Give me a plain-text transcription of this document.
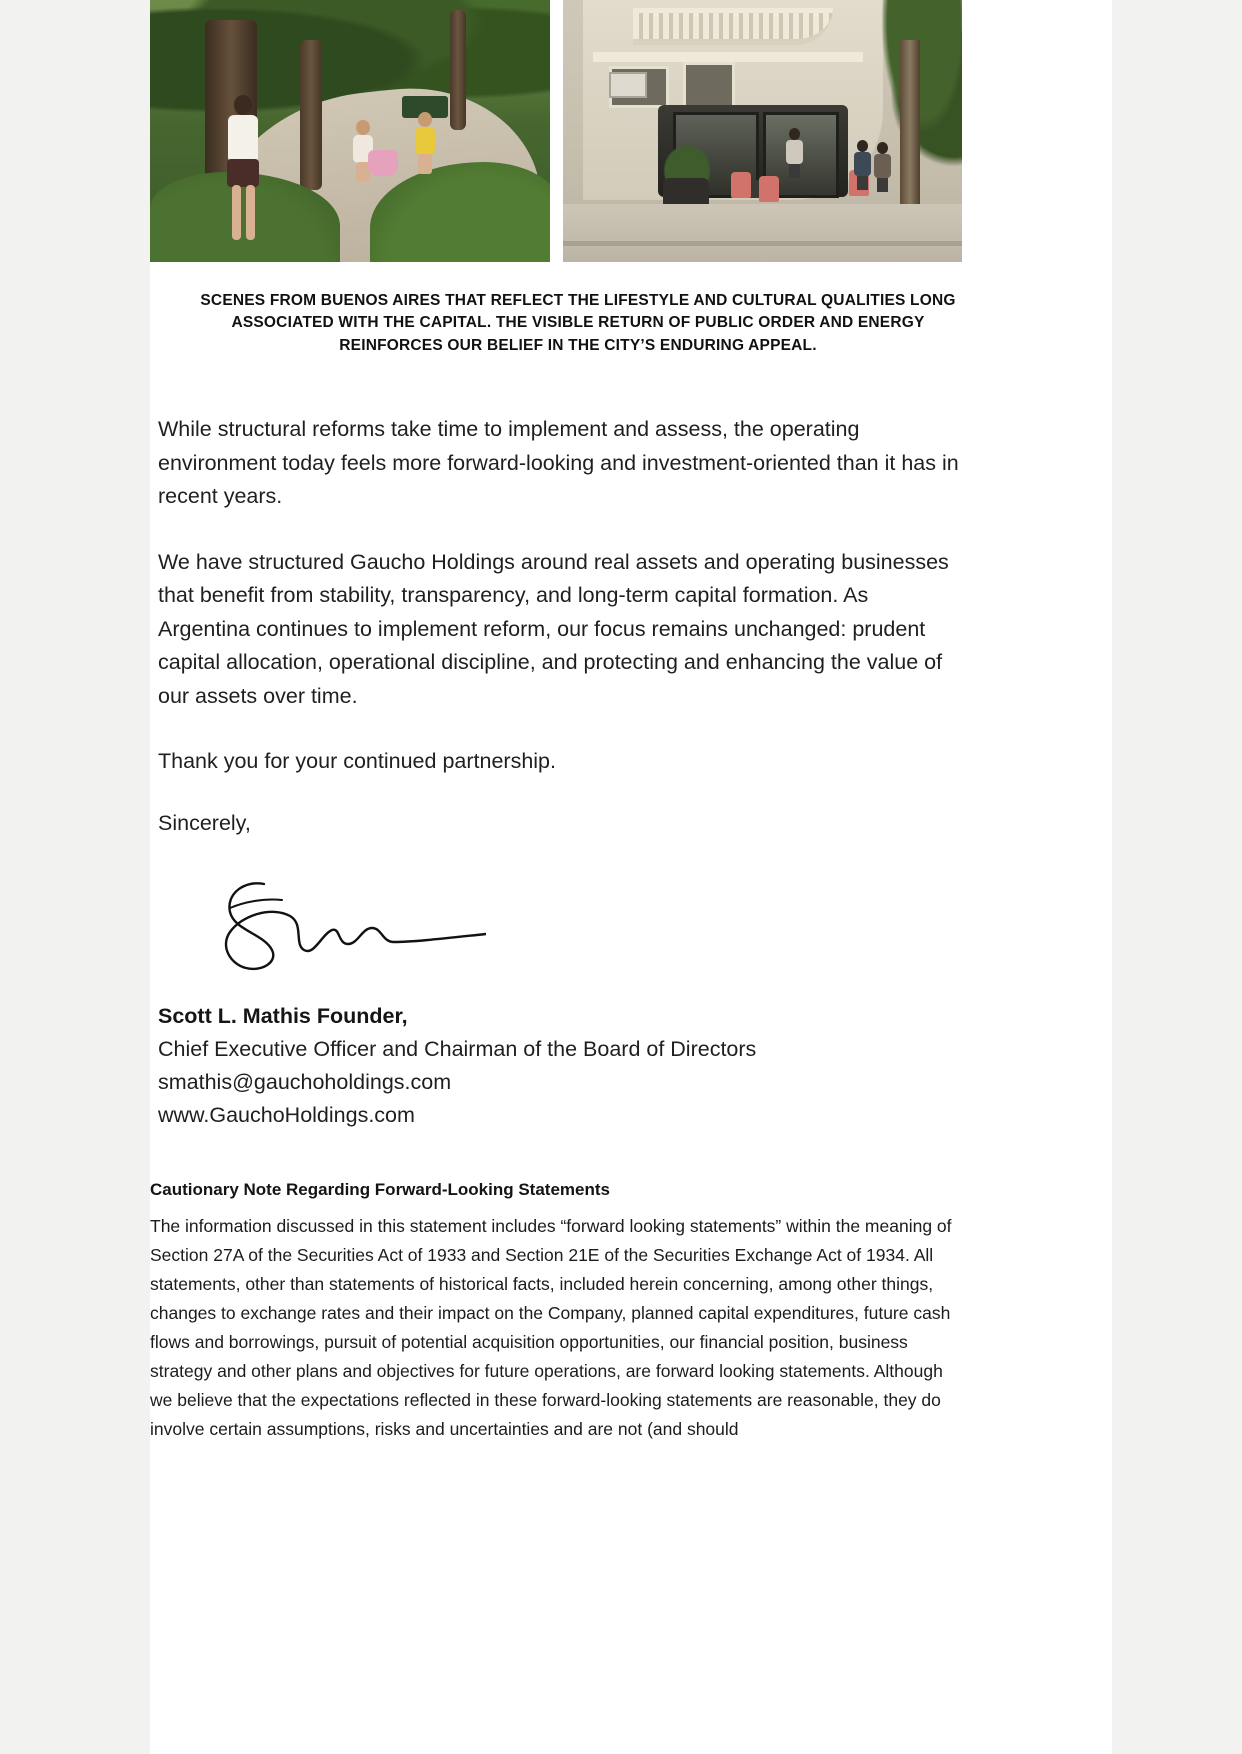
SCENES FROM BUENOS AIRES THAT REFLECT THE LIFESTYLE AND CULTURAL QUALITIES LONG ASSOCIATED WITH THE CAPITAL. THE VISIBLE RETURN OF PUBLIC ORDER AND ENERGY REINFORCES OUR BELIEF IN THE CITY’S ENDURING APPEAL.

While structural reforms take time to implement and assess, the operating environment today feels more forward-looking and investment-oriented than it has in recent years.

We have structured Gaucho Holdings around real assets and operating businesses that benefit from stability, transparency, and long-term capital formation. As Argentina continues to implement reform, our focus remains unchanged: prudent capital allocation, operational discipline, and protecting and enhancing the value of our assets over time.

Thank you for your continued partnership.

Sincerely,

Scott L. Mathis Founder,
Chief Executive Officer and Chairman of the Board of Directors
smathis@gauchoholdings.com
www.GauchoHoldings.com
Cautionary Note Regarding Forward-Looking Statements

The information discussed in this statement includes “forward looking statements” within the meaning of Section 27A of the Securities Act of 1933 and Section 21E of the Securities Exchange Act of 1934. All statements, other than statements of historical facts, included herein concerning, among other things, changes to exchange rates and their impact on the Company, planned capital expenditures, future cash flows and borrowings, pursuit of potential acquisition opportunities, our financial position, business strategy and other plans and objectives for future operations, are forward looking statements. Although we believe that the expectations reflected in these forward-looking statements are reasonable, they do involve certain assumptions, risks and uncertainties and are not (and should
